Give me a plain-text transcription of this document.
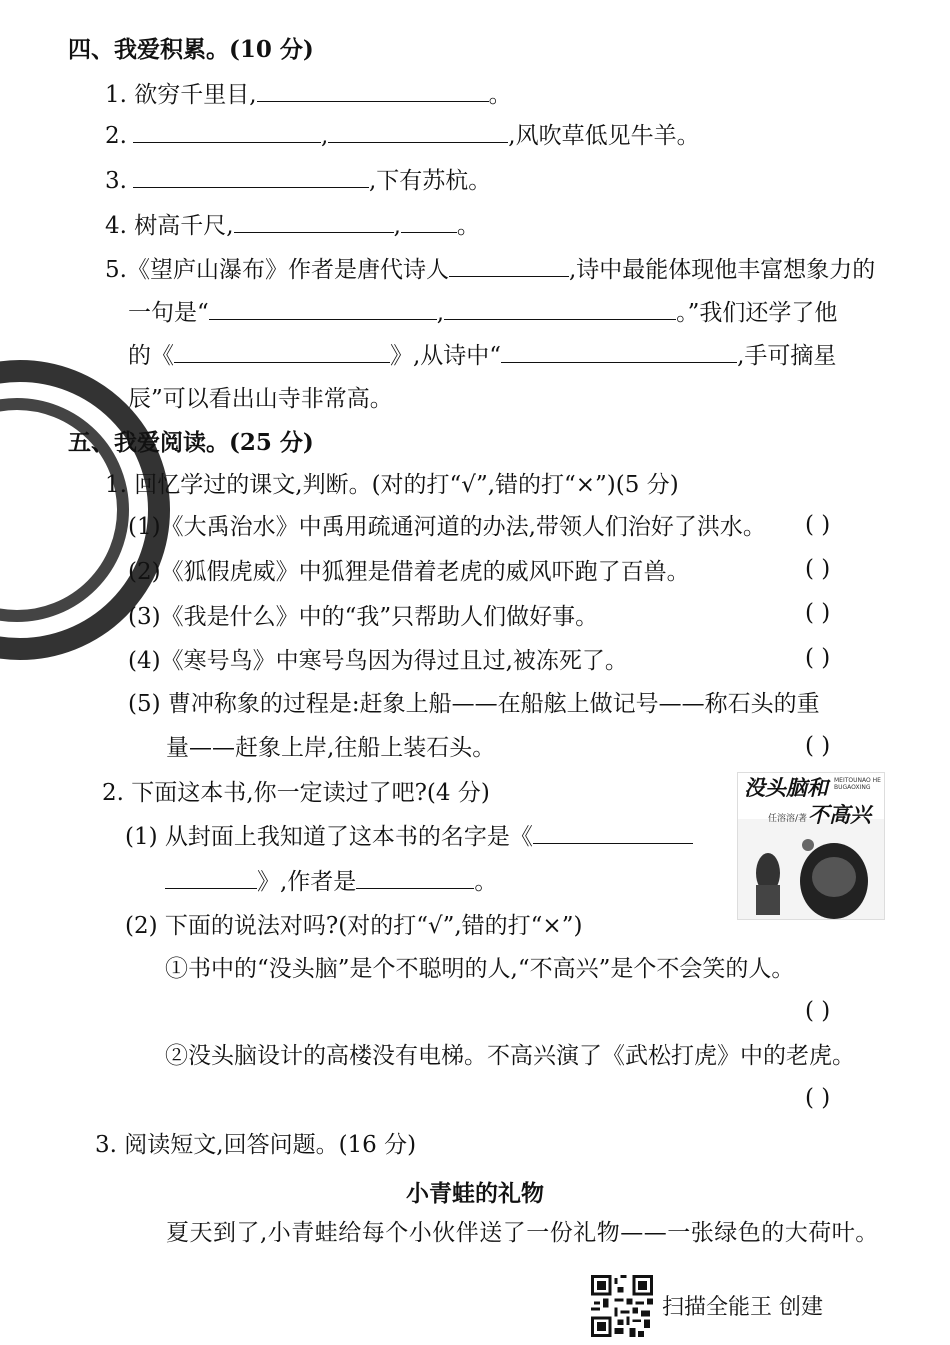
四、我爱积累。(10 分)
1. 欲穷千里目,	。
2.	,	,风吹草低见牛羊。
3.	,下有苏杭。
4. 树高千尺,	, 。
5.《望庐山瀑布》作者是唐代诗人	,诗中最能体现他丰富想象力的
一句是“	,	。”我们还学了他
的《	》,从诗中“	,手可摘星
辰”可以看出山寺非常高。
五、我爱阅读。(25 分)
1. 回忆学过的课文,判断。(对的打“√”,错的打“×”)(5 分)
(1)《大禹治水》中禹用疏通河道的办法,带领人们治好了洪水。 ( )
(2)《狐假虎威》中狐狸是借着老虎的威风吓跑了百兽。	( )
(3)《我是什么》中的“我”只帮助人们做好事。	( )
(4)《寒号鸟》中寒号鸟因为得过且过,被冻死了。	( )
(5) 曹冲称象的过程是:赶象上船——在船舷上做记号——称石头的重
量——赶象上岸,往船上装石头。	( )
2. 下面这本书,你一定读过了吧?(4 分)
(1) 从封面上我知道了这本书的名字是《
》,作者是	。
(2) 下面的说法对吗?(对的打“√”,错的打“×”)
①书中的“没头脑”是个不聪明的人,“不高兴”是个不会笑的人。
( )
②没头脑设计的高楼没有电梯。不高兴演了《武松打虎》中的老虎。
( )
没头脑和
不高兴
MEITOUNAO HE BUGAOXING
任溶溶/著
3. 阅读短文,回答问题。(16 分)
小青蛙的礼物
夏天到了,小青蛙给每个小伙伴送了一份礼物——一张绿色的大荷叶。
扫描全能王 创建
